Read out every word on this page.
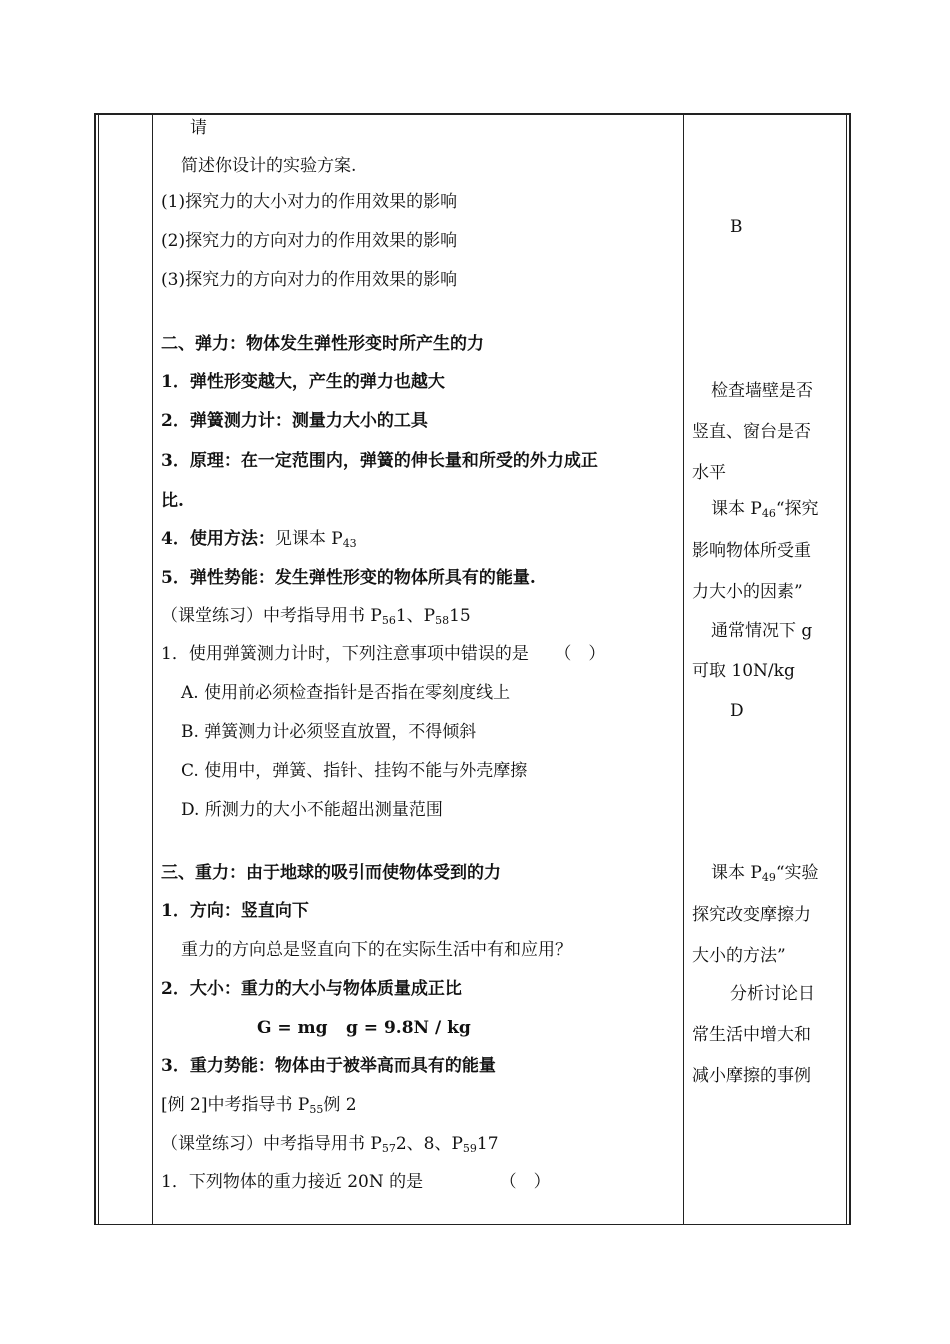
请
简述你设计的实验方案.
(1)探究力的大小对力的作用效果的影响
(2)探究力的方向对力的作用效果的影响
(3)探究力的方向对力的作用效果的影响
二、弹力：物体发生弹性形变时所产生的力
1．弹性形变越大，产生的弹力也越大
2．弹簧测力计：测量力大小的工具
3．原理：在一定范围内，弹簧的伸长量和所受的外力成正
比.
4．使用方法：见课本 $P_{43}$
5．弹性势能：发生弹性形变的物体所具有的能量.
（课堂练习）中考指导用书 $P_{56}1$、$P_{58}15$
1．使用弹簧测力计时，下列注意事项中错误的是　　（　）
A. 使用前必须检查指针是否指在零刻度线上
B. 弹簧测力计必须竖直放置，不得倾斜
C. 使用中，弹簧、指针、挂钩不能与外壳摩擦
D. 所测力的大小不能超出测量范围
三、重力：由于地球的吸引而使物体受到的力
1．方向：竖直向下
重力的方向总是竖直向下的在实际生活中有和应用？
2．大小：重力的大小与物体质量成正比
G = mg g = 9.8N / kg
3．重力势能：物体由于被举高而具有的能量
[例 2]中考指导书 $P_{55}$例 2
（课堂练习）中考指导用书 $P_{57}2$、8、$P_{59}17$
1．下列物体的重力接近 20N 的是　　　　　（　）
B
检查墙壁是否
竖直、窗台是否
水平
课本 $P_{46}“$探究
影响物体所受重
力大小的因素”
通常情况下 g
可取 10N/kg
D
课本 $P_{49}“$实验
探究改变摩擦力
大小的方法”
分析讨论日
常生活中增大和
减小摩擦的事例
